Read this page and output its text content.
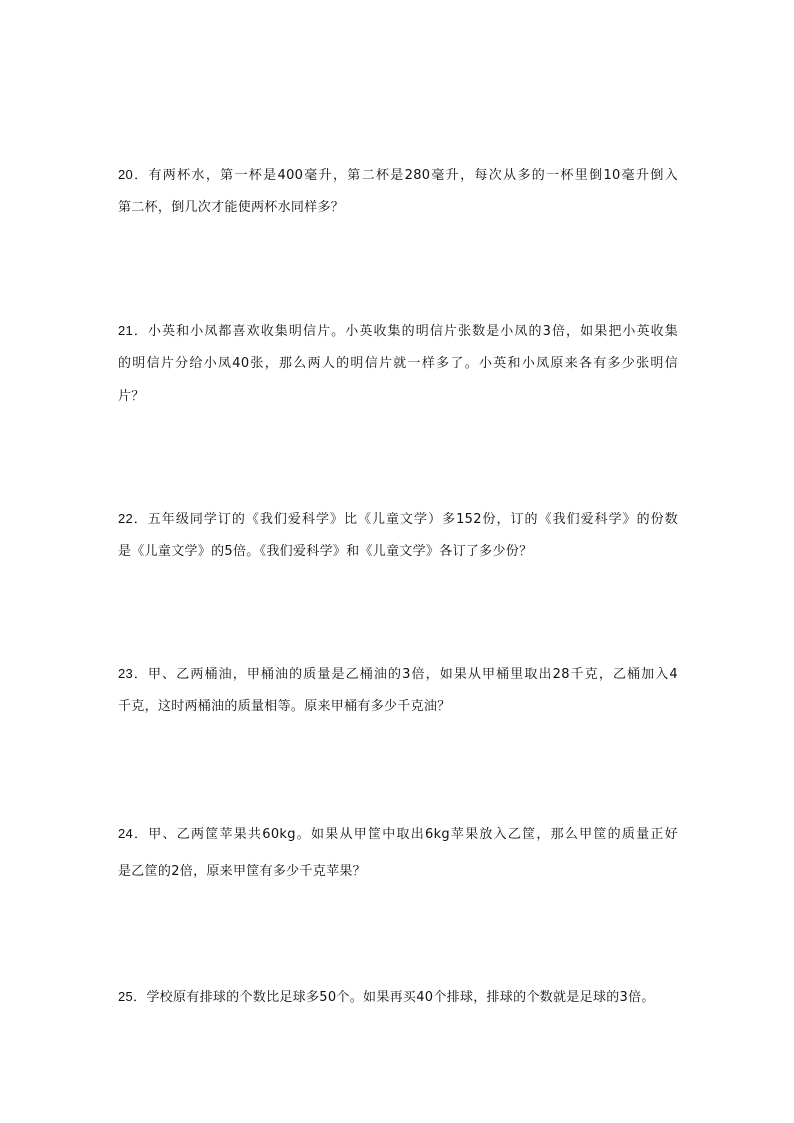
20．有两杯水，第一杯是400毫升，第二杯是280毫升，每次从多的一杯里倒10毫升倒入
第二杯，倒几次才能使两杯水同样多？
21．小英和小凤都喜欢收集明信片。小英收集的明信片张数是小凤的3倍，如果把小英收集
的明信片分给小凤40张，那么两人的明信片就一样多了。小英和小凤原来各有多少张明信
片？
22．五年级同学订的《我们爱科学》比《儿童文学）多152份，订的《我们爱科学》的份数
是《儿童文学》的5倍。《我们爱科学》和《儿童文学》各订了多少份？
23．甲、乙两桶油，甲桶油的质量是乙桶油的3倍，如果从甲桶里取出28千克，乙桶加入4
千克，这时两桶油的质量相等。原来甲桶有多少千克油？
24．甲、乙两筐苹果共60kg。如果从甲筐中取出6kg苹果放入乙筐，那么甲筐的质量正好
是乙筐的2倍，原来甲筐有多少千克苹果？
25．学校原有排球的个数比足球多50个。如果再买40个排球，排球的个数就是足球的3倍。
